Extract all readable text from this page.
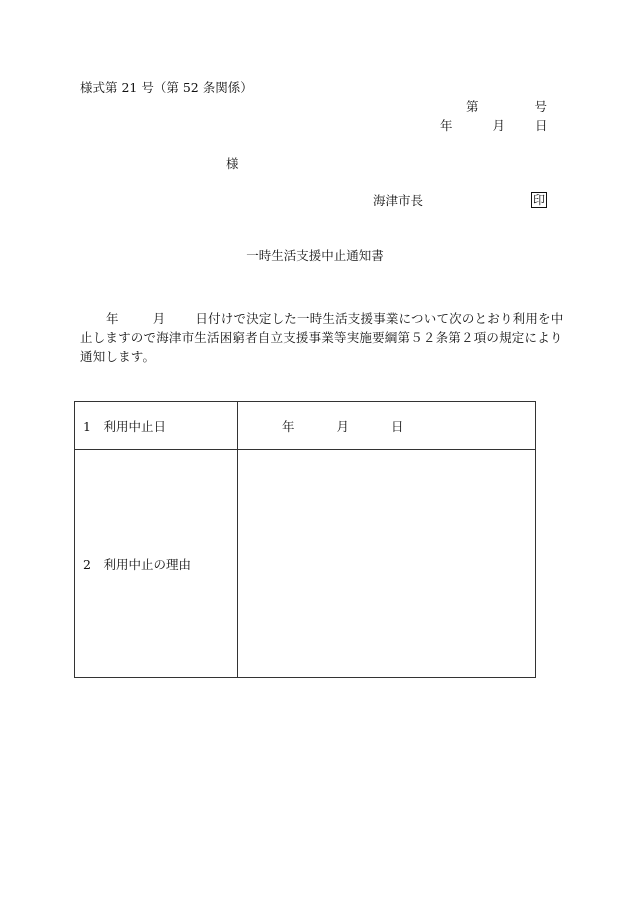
様式第 21 号（第 52 条関係）
第	号
年	月 日
様
海津市長	印
一時生活支援中止通知書
年	月 日付けで決定した一時生活支援事業について次のとおり利用を中止しますので海津市生活困窮者自立支援事業等実施要綱第５２条第２項の規定により通知します。
1　利用中止日	年 月 日
2　利用中止の理由	
